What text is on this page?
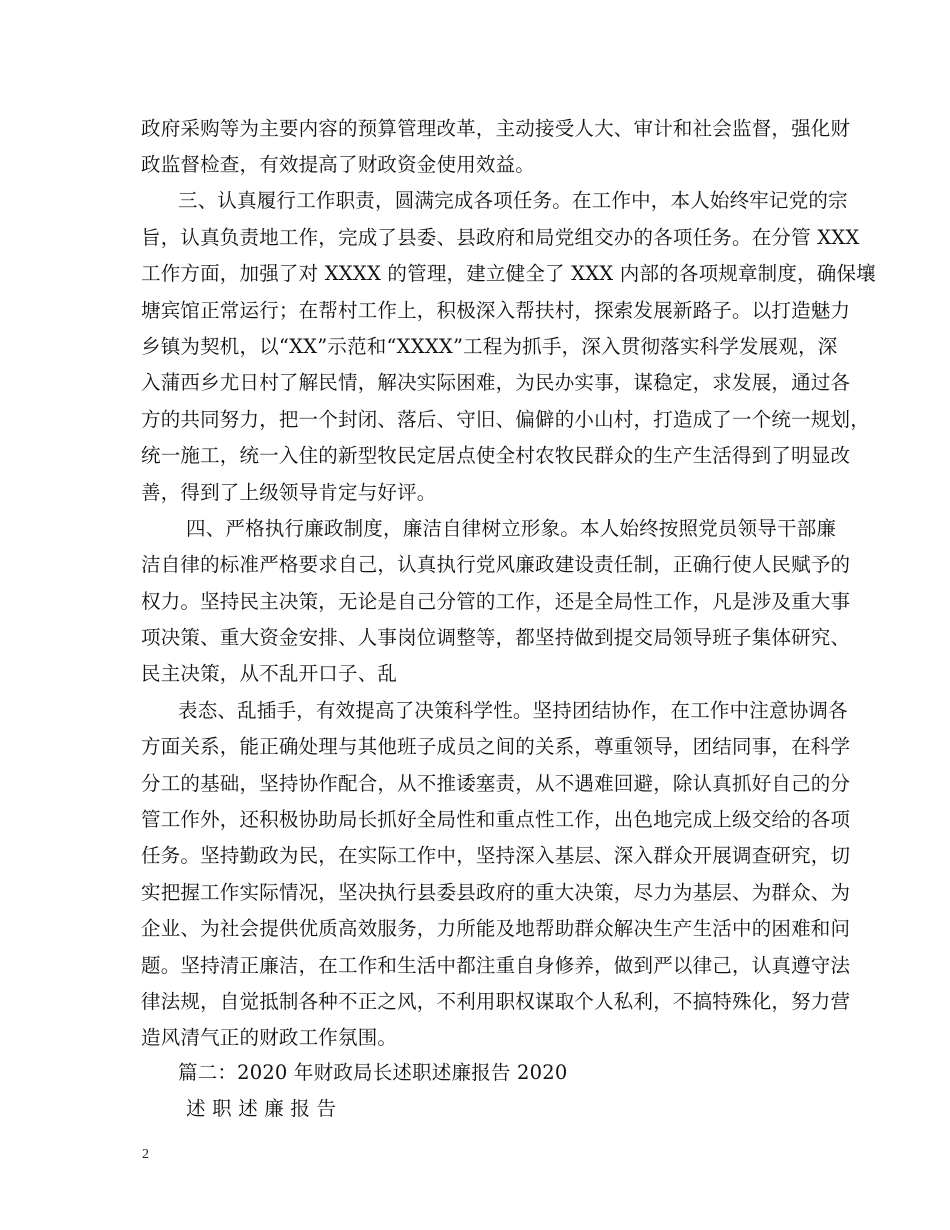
政府采购等为主要内容的预算管理改革，主动接受人大、审计和社会监督，强化财
政监督检查，有效提高了财政资金使用效益。
三、认真履行工作职责，圆满完成各项任务。在工作中，本人始终牢记党的宗
旨，认真负责地工作，完成了县委、县政府和局党组交办的各项任务。在分管 XXX
工作方面，加强了对 XXXX 的管理，建立健全了 XXX 内部的各项规章制度，确保壤
塘宾馆正常运行；在帮村工作上，积极深入帮扶村，探索发展新路子。以打造魅力
乡镇为契机，以“XX”示范和“XXXX”工程为抓手，深入贯彻落实科学发展观，深
入蒲西乡尤日村了解民情，解决实际困难，为民办实事，谋稳定，求发展，通过各
方的共同努力，把一个封闭、落后、守旧、偏僻的小山村，打造成了一个统一规划，
统一施工，统一入住的新型牧民定居点使全村农牧民群众的生产生活得到了明显改
善，得到了上级领导肯定与好评。
四、严格执行廉政制度，廉洁自律树立形象。本人始终按照党员领导干部廉
洁自律的标准严格要求自己，认真执行党风廉政建设责任制，正确行使人民赋予的
权力。坚持民主决策，无论是自己分管的工作，还是全局性工作，凡是涉及重大事
项决策、重大资金安排、人事岗位调整等，都坚持做到提交局领导班子集体研究、
民主决策，从不乱开口子、乱
表态、乱插手，有效提高了决策科学性。坚持团结协作，在工作中注意协调各
方面关系，能正确处理与其他班子成员之间的关系，尊重领导，团结同事，在科学
分工的基础，坚持协作配合，从不推诿塞责，从不遇难回避，除认真抓好自己的分
管工作外，还积极协助局长抓好全局性和重点性工作，出色地完成上级交给的各项
任务。坚持勤政为民，在实际工作中，坚持深入基层、深入群众开展调查研究，切
实把握工作实际情况，坚决执行县委县政府的重大决策，尽力为基层、为群众、为
企业、为社会提供优质高效服务，力所能及地帮助群众解决生产生活中的困难和问
题。坚持清正廉洁，在工作和生活中都注重自身修养，做到严以律己，认真遵守法
律法规，自觉抵制各种不正之风，不利用职权谋取个人私利，不搞特殊化，努力营
造风清气正的财政工作氛围。
篇二：2020 年财政局长述职述廉报告 2020
述 职 述 廉 报 告
2
